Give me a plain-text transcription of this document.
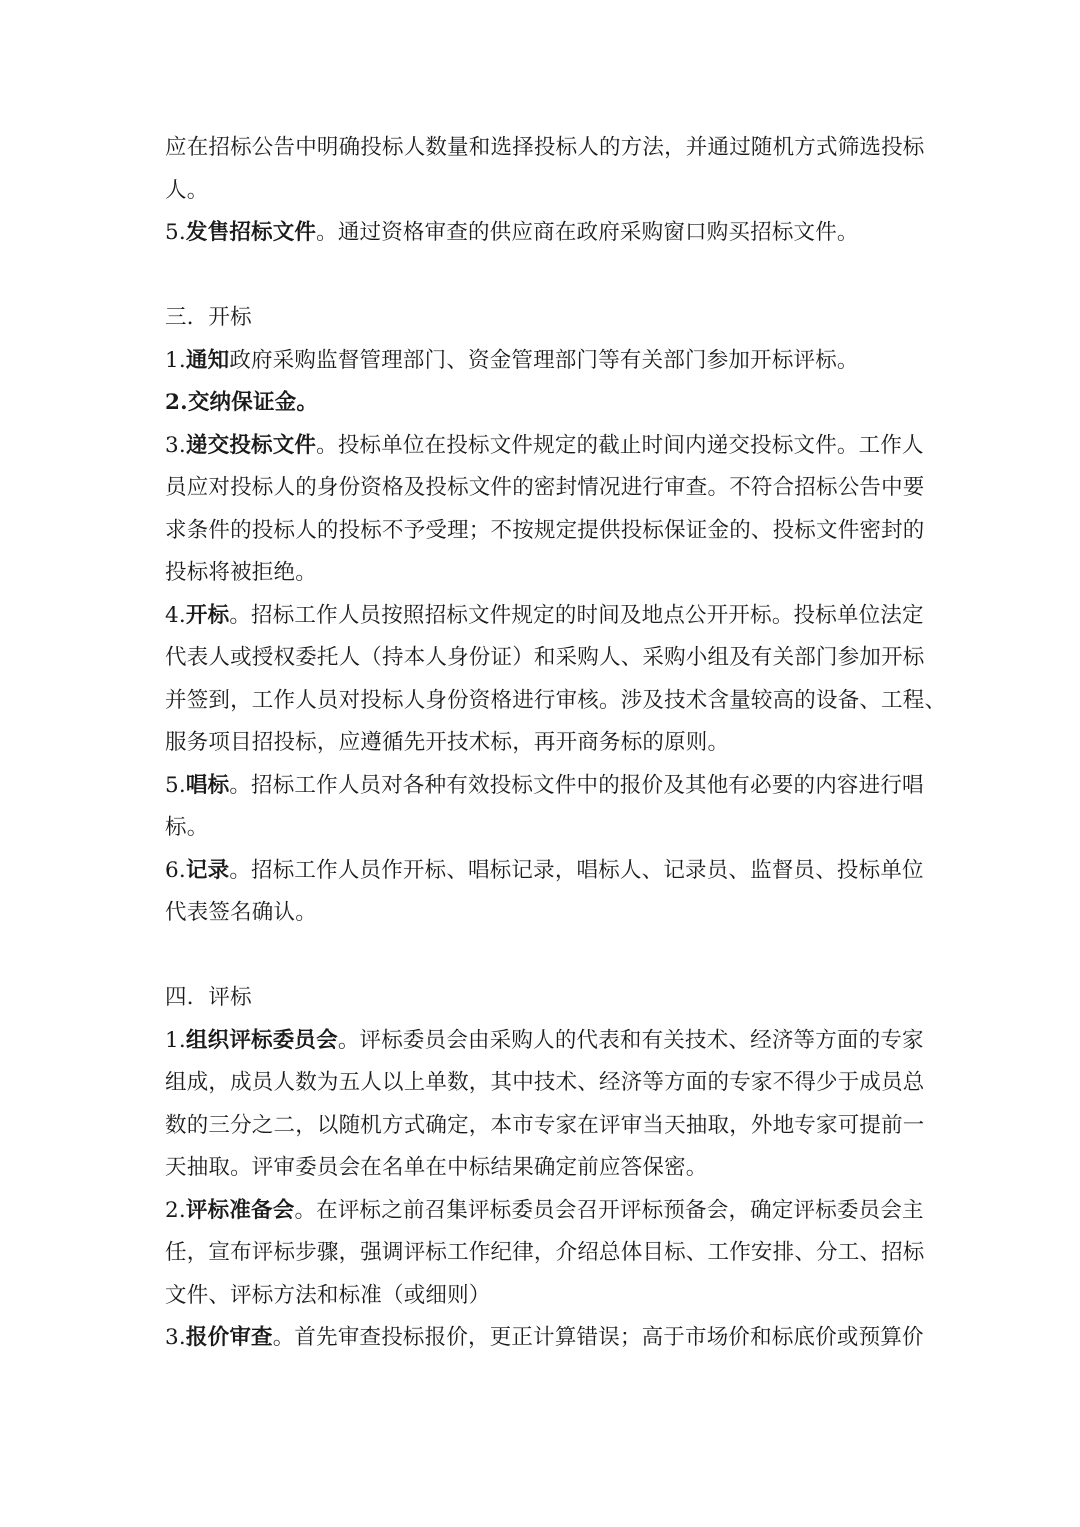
应在招标公告中明确投标人数量和选择投标人的方法，并通过随机方式筛选投标
人。
5.发售招标文件。通过资格审查的供应商在政府采购窗口购买招标文件。
三．开标
1.通知政府采购监督管理部门、资金管理部门等有关部门参加开标评标。
2.交纳保证金。
3.递交投标文件。投标单位在投标文件规定的截止时间内递交投标文件。工作人
员应对投标人的身份资格及投标文件的密封情况进行审查。不符合招标公告中要
求条件的投标人的投标不予受理；不按规定提供投标保证金的、投标文件密封的
投标将被拒绝。
4.开标。招标工作人员按照招标文件规定的时间及地点公开开标。投标单位法定
代表人或授权委托人（持本人身份证）和采购人、采购小组及有关部门参加开标
并签到，工作人员对投标人身份资格进行审核。涉及技术含量较高的设备、工程、
服务项目招投标，应遵循先开技术标，再开商务标的原则。
5.唱标。招标工作人员对各种有效投标文件中的报价及其他有必要的内容进行唱
标。
6.记录。招标工作人员作开标、唱标记录，唱标人、记录员、监督员、投标单位
代表签名确认。
四．评标
1.组织评标委员会。评标委员会由采购人的代表和有关技术、经济等方面的专家
组成，成员人数为五人以上单数，其中技术、经济等方面的专家不得少于成员总
数的三分之二，以随机方式确定，本市专家在评审当天抽取，外地专家可提前一
天抽取。评审委员会在名单在中标结果确定前应答保密。
2.评标准备会。在评标之前召集评标委员会召开评标预备会，确定评标委员会主
任，宣布评标步骤，强调评标工作纪律，介绍总体目标、工作安排、分工、招标
文件、评标方法和标准（或细则）
3.报价审查。首先审查投标报价，更正计算错误；高于市场价和标底价或预算价
